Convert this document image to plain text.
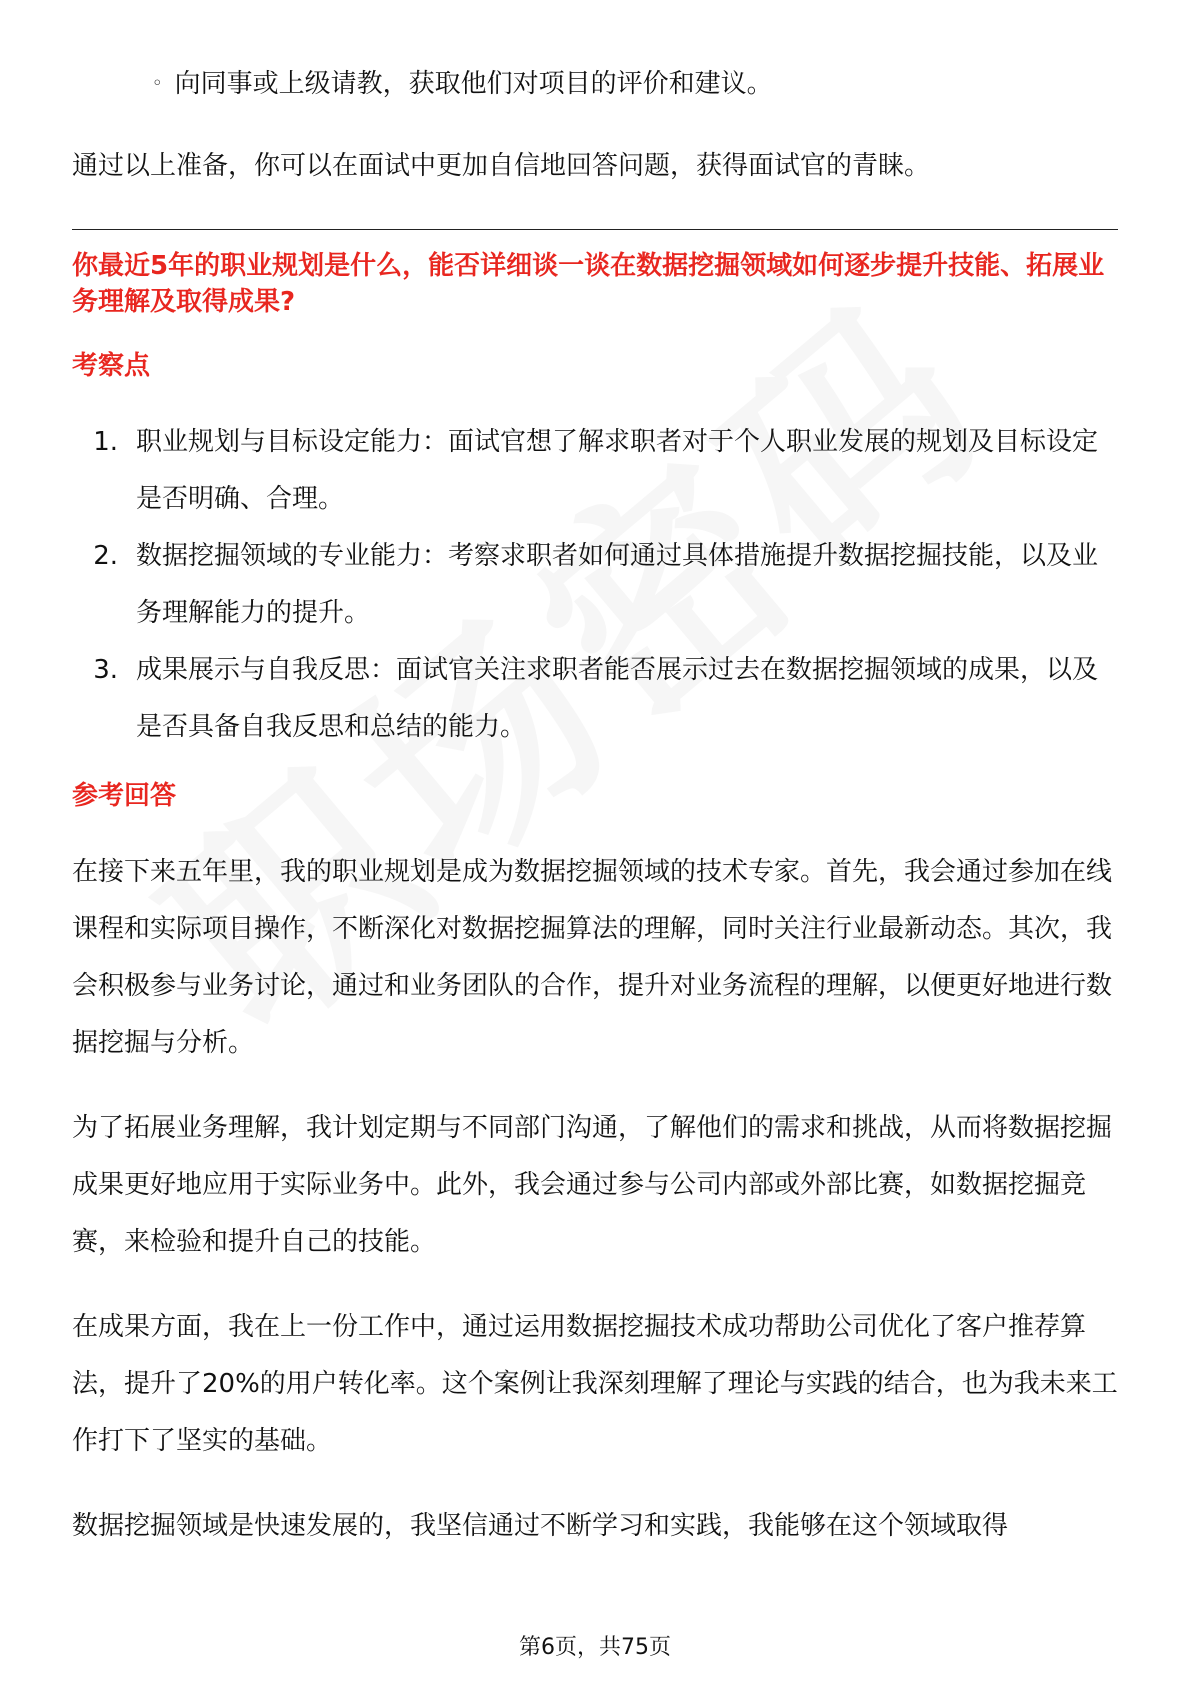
◦ 向同事或上级请教，获取他们对项目的评价和建议。

通过以上准备，你可以在面试中更加自信地回答问题，获得面试官的青睐。

你最近5年的职业规划是什么，能否详细谈一谈在数据挖掘领域如何逐步提升技能、拓展业务理解及取得成果?

考察点
1. 职业规划与目标设定能力：面试官想了解求职者对于个人职业发展的规划及目标设定是否明确、合理。
2. 数据挖掘领域的专业能力：考察求职者如何通过具体措施提升数据挖掘技能，以及业务理解能力的提升。
3. 成果展示与自我反思：面试官关注求职者能否展示过去在数据挖掘领域的成果，以及是否具备自我反思和总结的能力。
参考回答

在接下来五年里，我的职业规划是成为数据挖掘领域的技术专家。首先，我会通过参加在线课程和实际项目操作，不断深化对数据挖掘算法的理解，同时关注行业最新动态。其次，我会积极参与业务讨论，通过和业务团队的合作，提升对业务流程的理解，以便更好地进行数据挖掘与分析。

为了拓展业务理解，我计划定期与不同部门沟通，了解他们的需求和挑战，从而将数据挖掘成果更好地应用于实际业务中。此外，我会通过参与公司内部或外部比赛，如数据挖掘竞赛，来检验和提升自己的技能。

在成果方面，我在上一份工作中，通过运用数据挖掘技术成功帮助公司优化了客户推荐算法，提升了20%的用户转化率。这个案例让我深刻理解了理论与实践的结合，也为我未来工作打下了坚实的基础。

数据挖掘领域是快速发展的，我坚信通过不断学习和实践，我能够在这个领域取得

第6页，共75页
